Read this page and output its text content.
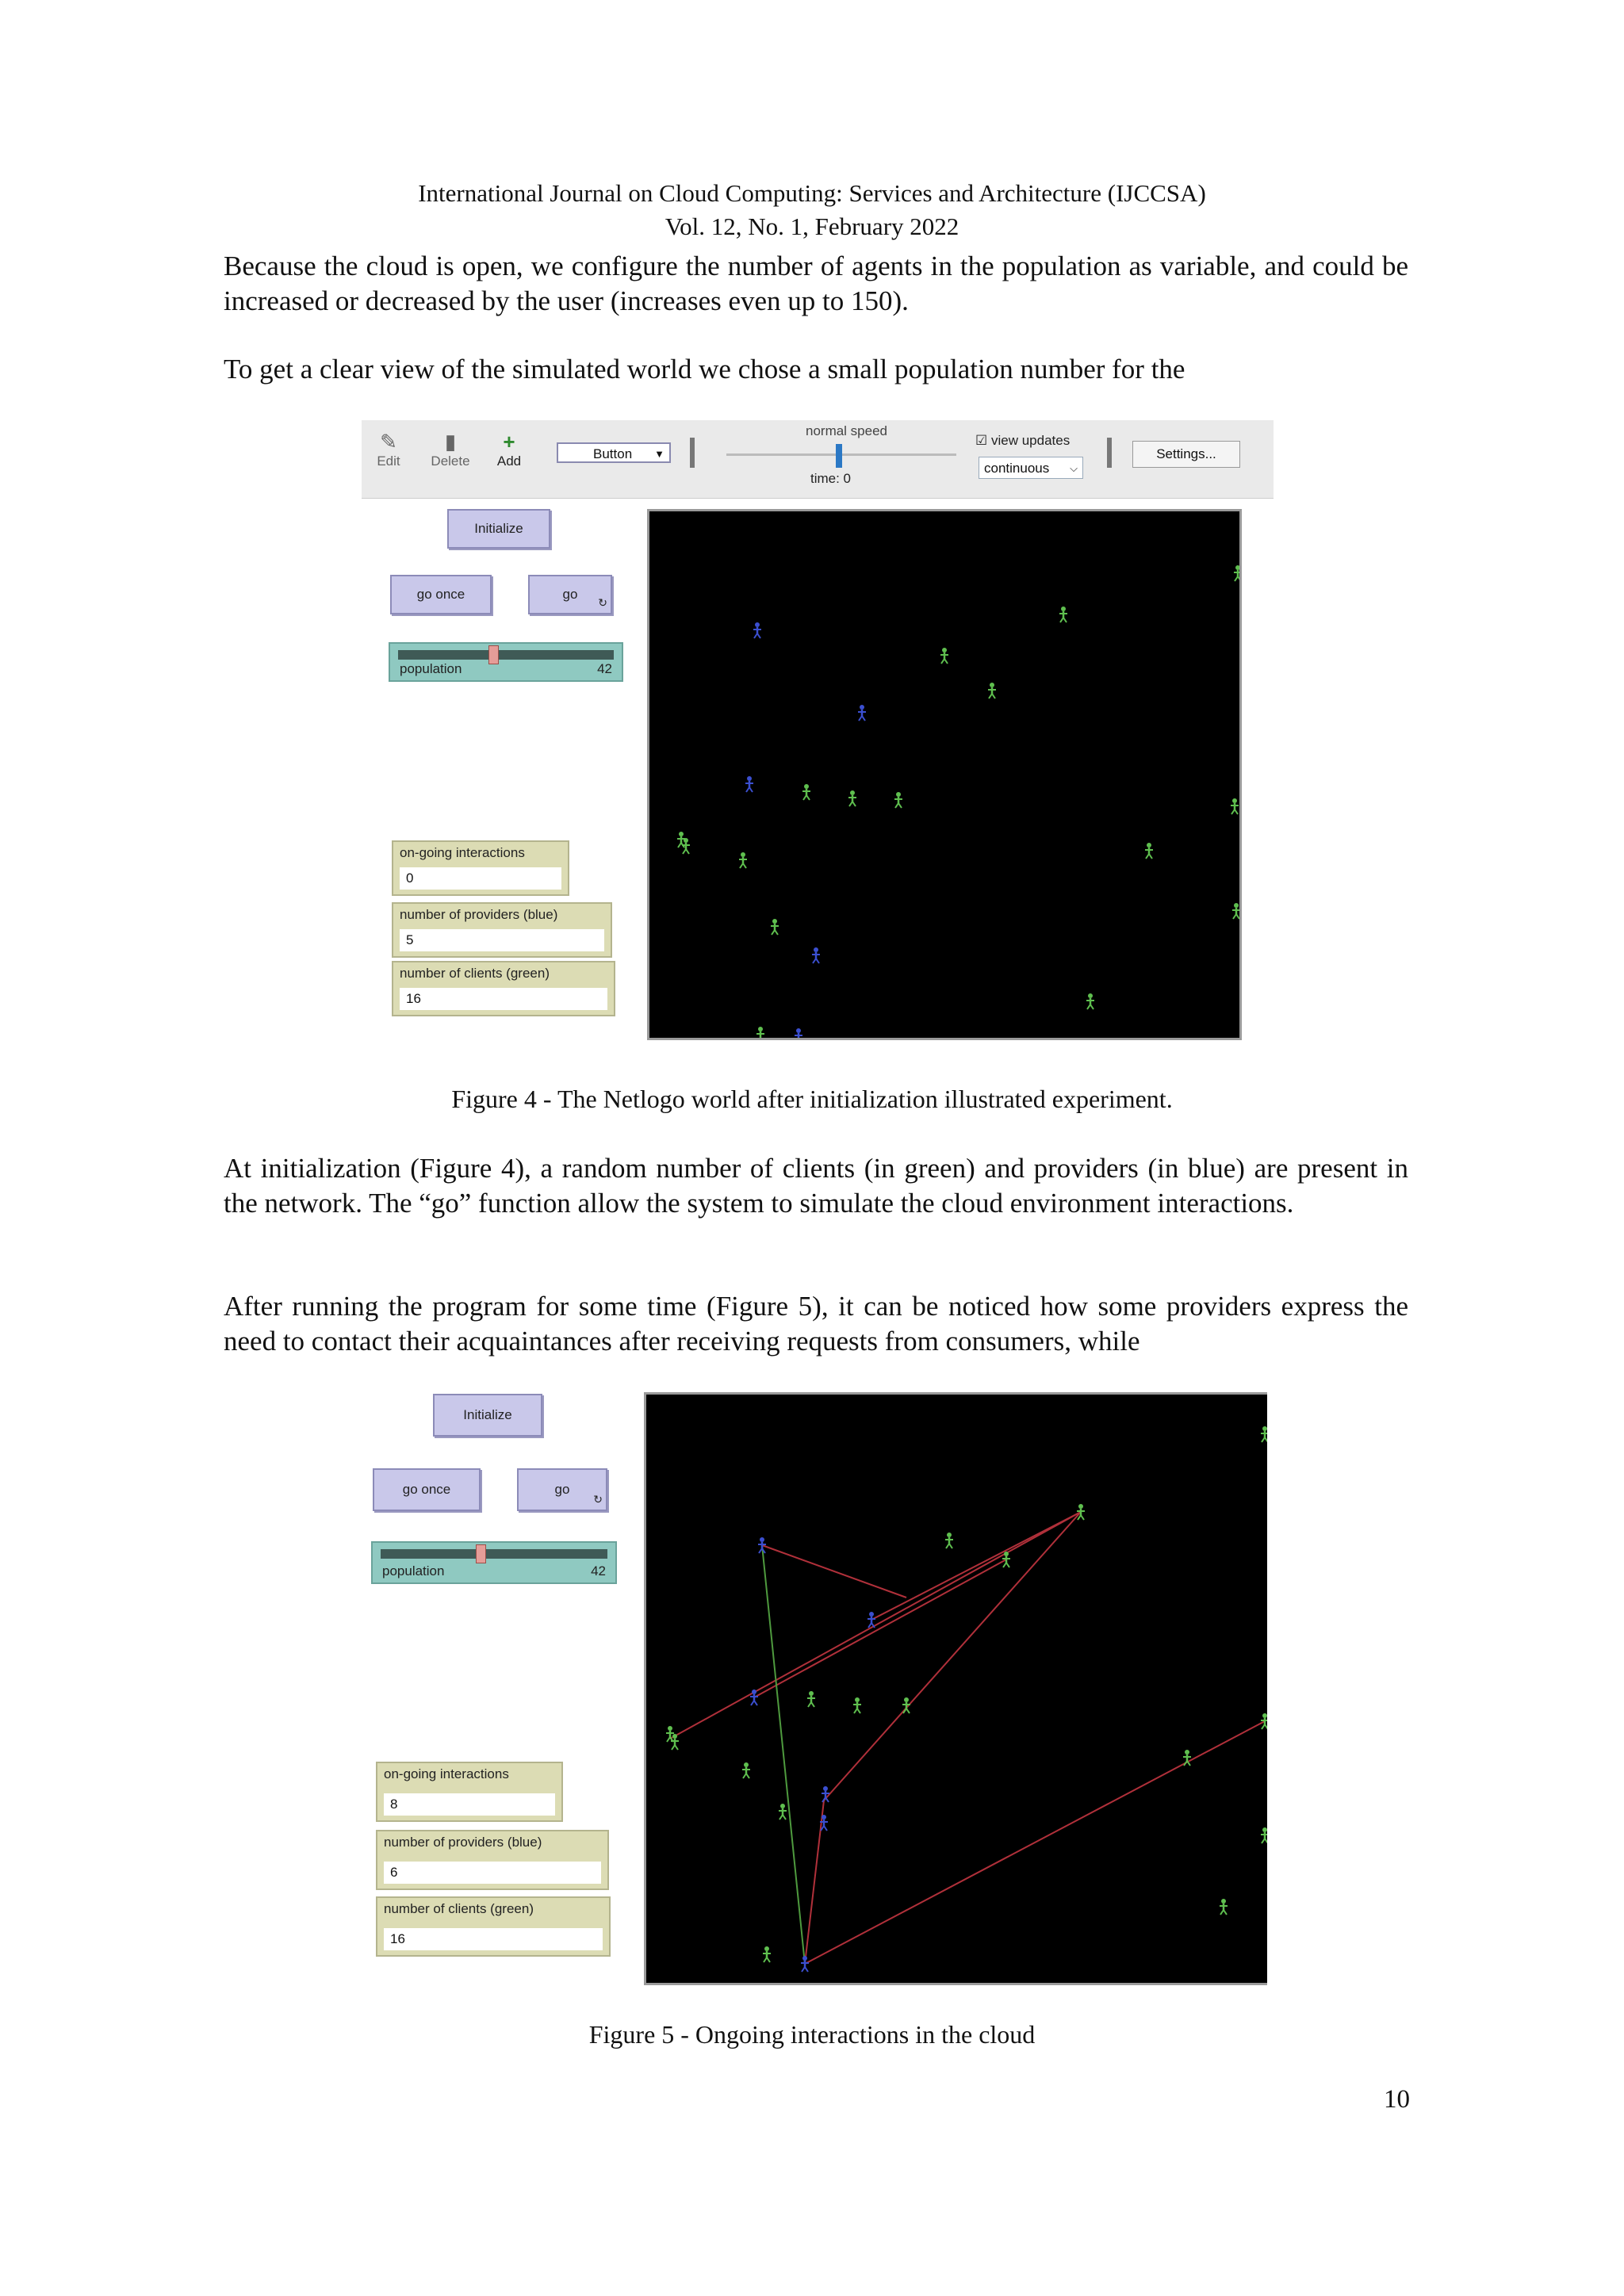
International Journal on Cloud Computing: Services and Architecture (IJCCSA)
Vol. 12, No. 1, February 2022
Because the cloud is open, we configure the number of agents in the population as variable, and could be increased or decreased by the user (increases even up to 150).
To get a clear view of the simulated world we chose a small population number for the
✎
Edit
▮
Delete
+
Add	Button ▼
normal speed
time: 0
☑ view updates
continuous ⌵
Settings...
Initialize
go once	go
↻
population	42
on-going interactions
0
number of providers (blue)
5
number of clients (green)
16
Figure 4 - The Netlogo world after initialization illustrated experiment.
At initialization (Figure 4), a random number of clients (in green) and providers (in blue) are present in the network. The “go” function allow the system to simulate the cloud environment interactions.
After running the program for some time (Figure 5), it can be noticed how some providers express the need to contact their acquaintances after receiving requests from consumers, while
Initialize
go once	go
↻
population	42
on-going interactions
8
number of providers (blue)
6
number of clients (green)
16
Figure 5 - Ongoing interactions in the cloud
10
